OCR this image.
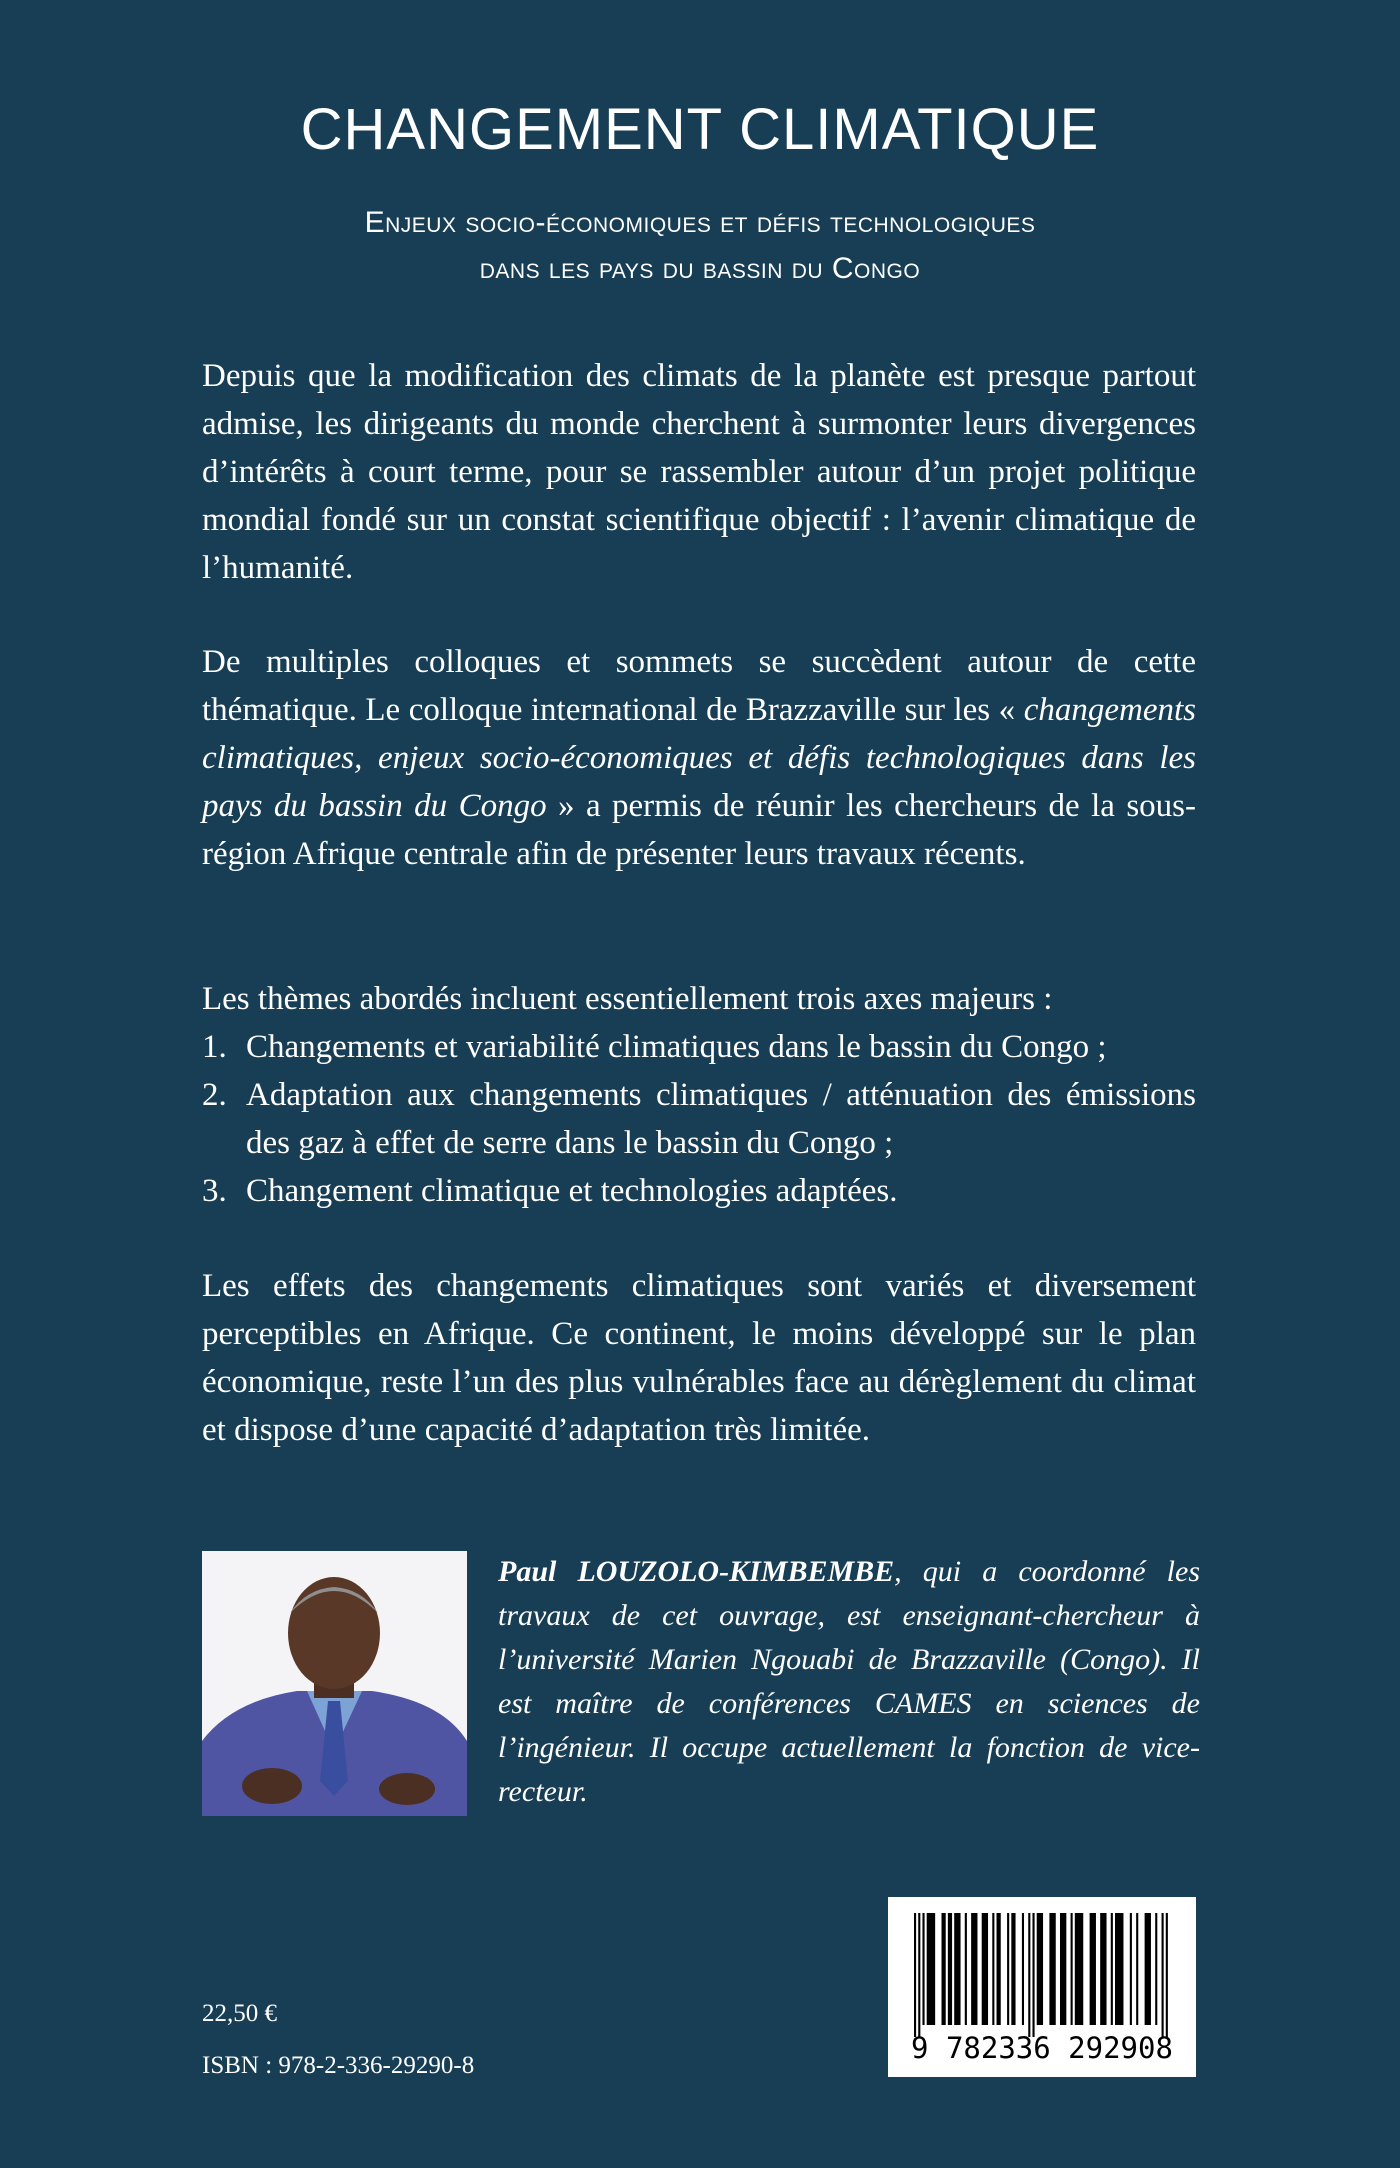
CHANGEMENT CLIMATIQUE
Enjeux socio-économiques et défis technologiques
dans les pays du bassin du Congo

Depuis que la modification des climats de la planète est presque partout admise, les dirigeants du monde cherchent à surmonter leurs divergences d’intérêts à court terme, pour se rassembler autour d’un projet politique mondial fondé sur un constat scientifique objectif : l’avenir climatique de l’humanité.

De multiples colloques et sommets se succèdent autour de cette thématique. Le colloque international de Brazzaville sur les « changements climatiques, enjeux socio-économiques et défis technologiques dans les pays du bassin du Congo » a permis de réunir les chercheurs de la sous-région Afrique centrale afin de présenter leurs travaux récents.

Les thèmes abordés incluent essentiellement trois axes majeurs :
1. Changements et variabilité climatiques dans le bassin du Congo ;
2. Adaptation aux changements climatiques / atténuation des émissions des gaz à effet de serre dans le bassin du Congo ;
3. Changement climatique et technologies adaptées.

Les effets des changements climatiques sont variés et diversement perceptibles en Afrique. Ce continent, le moins développé sur le plan économique, reste l’un des plus vulnérables face au dérèglement du climat et dispose d’une capacité d’adaptation très limitée.

Paul LOUZOLO-KIMBEMBE, qui a coordonné les travaux de cet ouvrage, est enseignant-chercheur à l’université Marien Ngouabi de Brazzaville (Congo). Il est maître de conférences CAMES en sciences de l’ingénieur. Il occupe actuellement la fonction de vice-recteur.

22,50 €
ISBN : 978-2-336-29290-8
9 782336 292908
